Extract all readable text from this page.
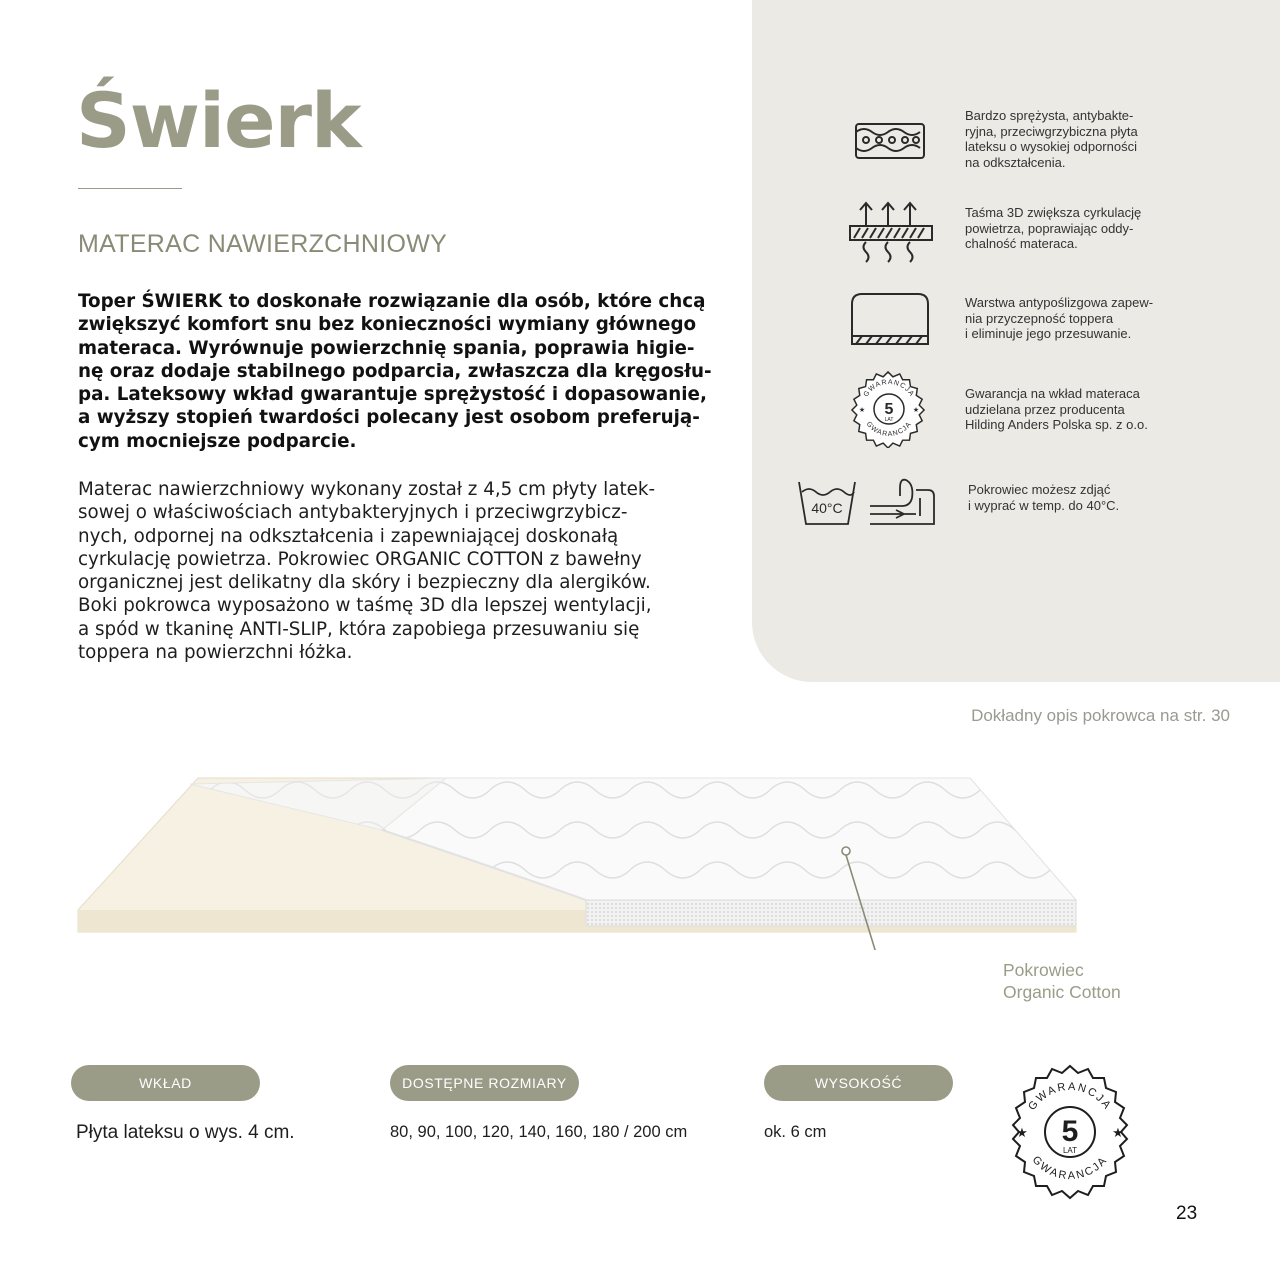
Świerk
MATERAC NAWIERZCHNIOWY

Toper ŚWIERK to doskonałe rozwiązanie dla osób, które chcą
zwiększyć komfort snu bez konieczności wymiany głównego
materaca. Wyrównuje powierzchnię spania, poprawia higie-
nę oraz dodaje stabilnego podparcia, zwłaszcza dla kręgosłu-
pa. Lateksowy wkład gwarantuje sprężystość i dopasowanie,
a wyższy stopień twardości polecany jest osobom preferują-
cym mocniejsze podparcie.

Materac nawierzchniowy wykonany został z 4,5 cm płyty latek-
sowej o właściwościach antybakteryjnych i przeciwgrzybicz-
nych, odpornej na odkształcenia i zapewniającej doskonałą
cyrkulację powietrza. Pokrowiec ORGANIC COTTON z bawełny
organicznej jest delikatny dla skóry i bezpieczny dla alergików.
Boki pokrowca wyposażono w taśmę 3D dla lepszej wentylacji,
a spód w tkaninę ANTI-SLIP, która zapobiega przesuwaniu się
toppera na powierzchni łóżka.

Bardzo sprężysta, antybakte-
ryjna, przeciwgrzybiczna płyta
lateksu o wysokiej odporności
na odkształcenia.

Taśma 3D zwiększa cyrkulację
powietrza, poprawiając oddy-
chalność materaca.

Warstwa antypoślizgowa zapew-
nia przyczepność toppera
i eliminuje jego przesuwanie.

GWARANCJA
GWARANCJA
5
LAT
★	★

Gwarancja na wkład materaca
udzielana przez producenta
Hilding Anders Polska sp. z o.o.

40°C

Pokrowiec możesz zdjąć
i wyprać w temp. do 40°C.

Dokładny opis pokrowca na str. 30

Pokrowiec
Organic Cotton

WKŁAD

Płyta lateksu o wys. 4 cm.

DOSTĘPNE ROZMIARY

80, 90, 100, 120, 140, 160, 180 / 200 cm

WYSOKOŚĆ

ok. 6 cm

GWARANCJA
GWARANCJA
5
LAT
★	★

23
